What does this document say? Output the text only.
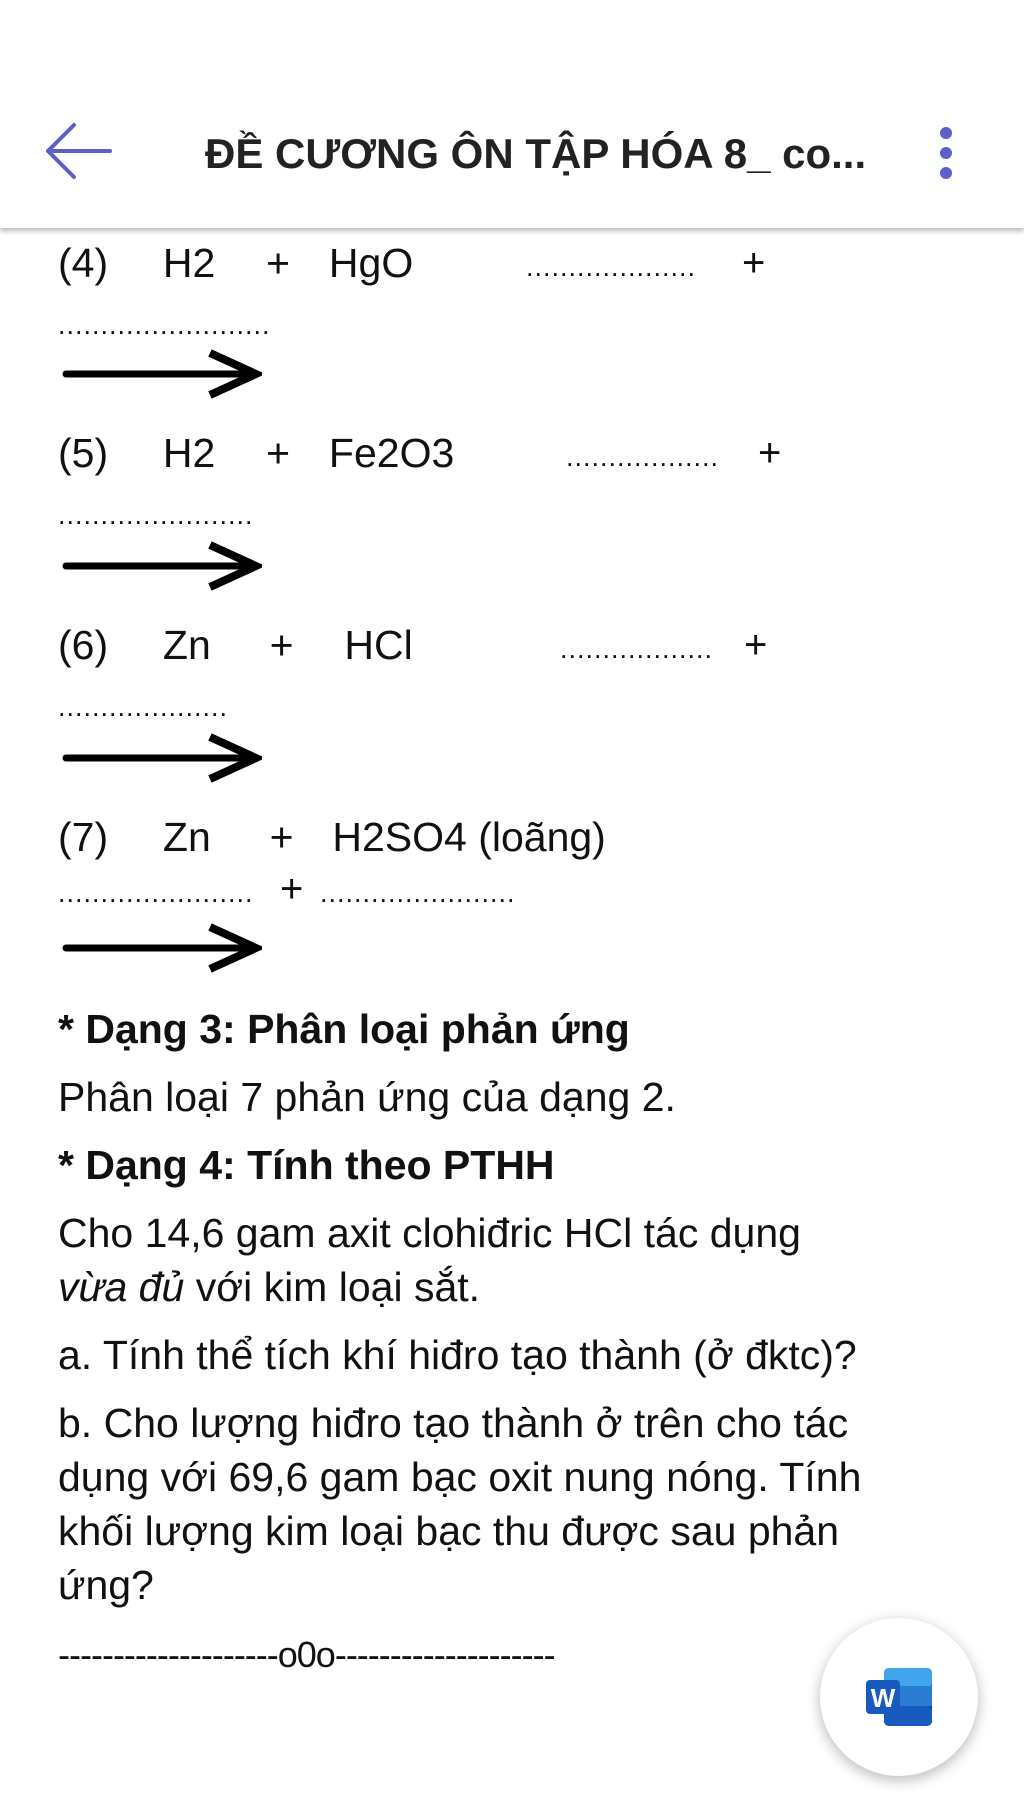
(4) H2 + HgO	.................... +
.........................
(5) H2 + Fe2O3	.................. +
.......................
(6) Zn + HCl	.................. +
....................
(7) Zn + H2SO4 (loãng)
....................... + .......................
* Dạng 3: Phân loại phản ứng
Phân loại 7 phản ứng của dạng 2.
* Dạng 4: Tính theo PTHH
Cho 14,6 gam axit clohiđric HCl tác dụng
vừa đủ với kim loại sắt.
a. Tính thể tích khí hiđro tạo thành (ở đktc)?
b. Cho lượng hiđro tạo thành ở trên cho tác
dụng với 69,6 gam bạc oxit nung nóng. Tính
khối lượng kim loại bạc thu được sau phản
ứng?
--------------------o0o--------------------
ĐỀ CƯƠNG ÔN TẬP HÓA 8_ co...
W
